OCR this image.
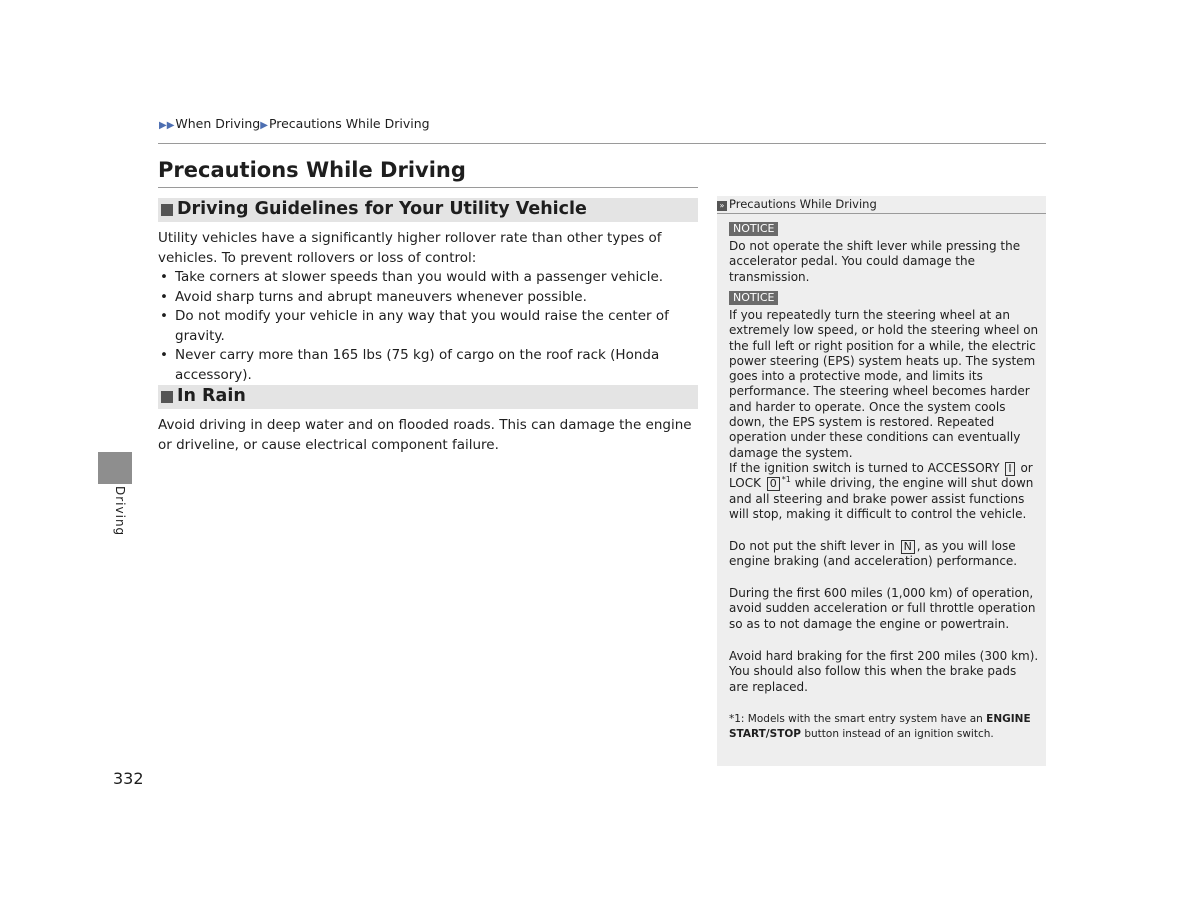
▶▶When Driving▶Precautions While Driving
Precautions While Driving
Driving Guidelines for Your Utility Vehicle

Utility vehicles have a significantly higher rollover rate than other types of vehicles. To prevent rollovers or loss of control:

• Take corners at slower speeds than you would with a passenger vehicle.
• Avoid sharp turns and abrupt maneuvers whenever possible.
• Do not modify your vehicle in any way that you would raise the center of gravity.
• Never carry more than 165 lbs (75 kg) of cargo on the roof rack (Honda accessory).
In Rain

Avoid driving in deep water and on flooded roads. This can damage the engine or driveline, or cause electrical component failure.

Driving
332
» Precautions While Driving
NOTICE

Do not operate the shift lever while pressing the accelerator pedal. You could damage the transmission.

NOTICE

If you repeatedly turn the steering wheel at an extremely low speed, or hold the steering wheel on the full left or right position for a while, the electric power steering (EPS) system heats up. The system goes into a protective mode, and limits its performance. The steering wheel becomes harder and harder to operate. Once the system cools down, the EPS system is restored. Repeated operation under these conditions can eventually damage the system.

If the ignition switch is turned to ACCESSORY I or LOCK 0 $^{*1}$ while driving, the engine will shut down and all steering and brake power assist functions will stop, making it difficult to control the vehicle.

Do not put the shift lever in N , as you will lose engine braking (and acceleration) performance.

During the first 600 miles (1,000 km) of operation, avoid sudden acceleration or full throttle operation so as to not damage the engine or powertrain.

Avoid hard braking for the first 200 miles (300 km). You should also follow this when the brake pads are replaced.

*1: Models with the smart entry system have an ENGINE START/STOP button instead of an ignition switch.
